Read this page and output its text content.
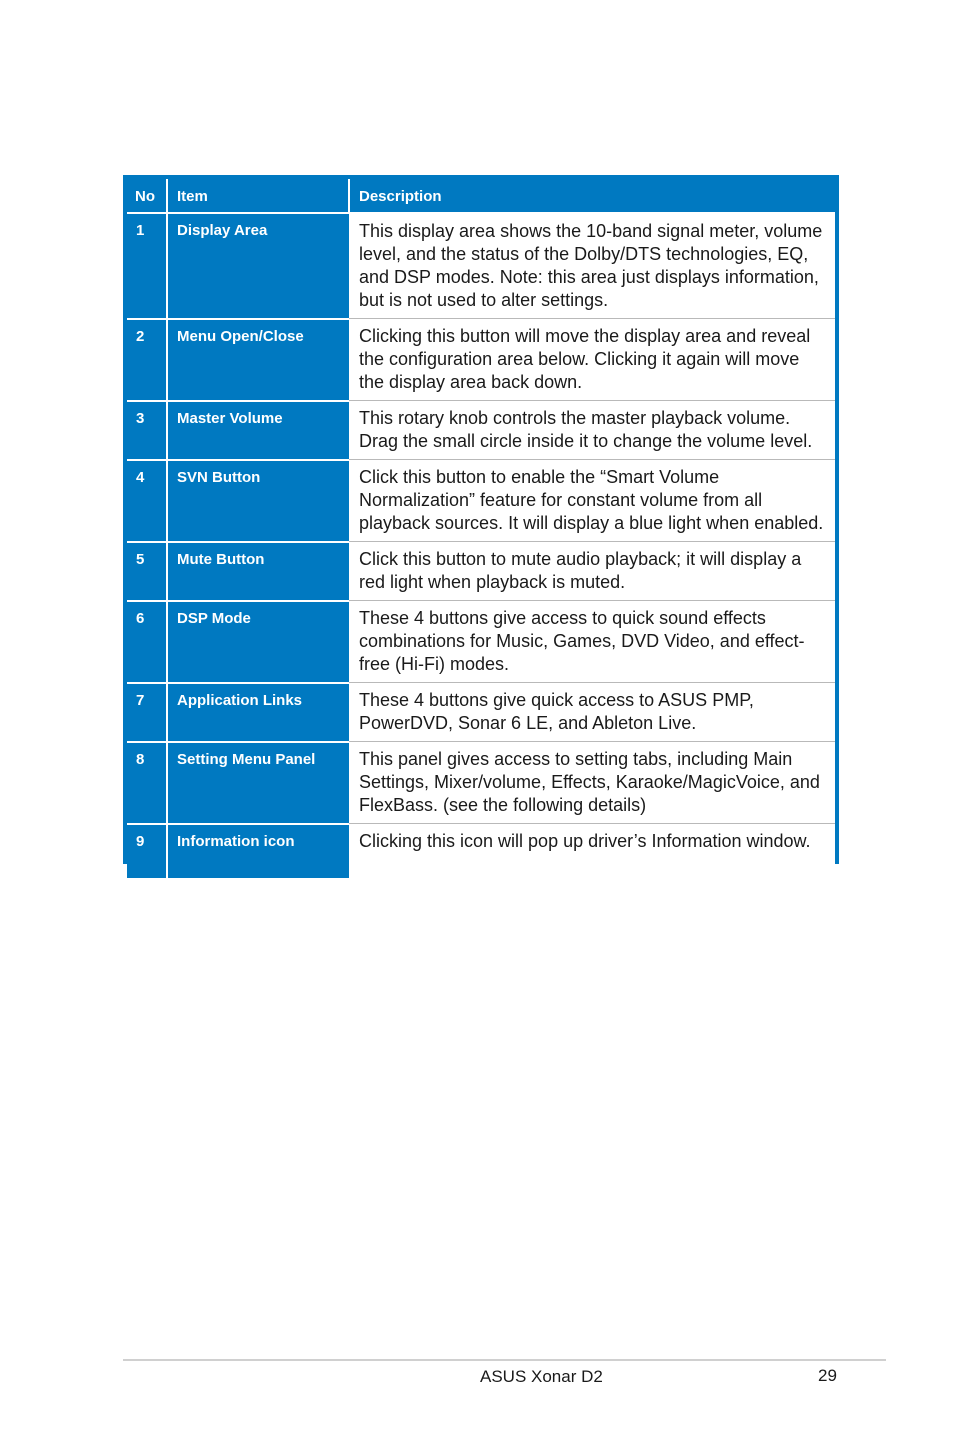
No	Item	Description
1	Display Area	This display area shows the 10-band signal meter, volume level, and the status of the Dolby/DTS technologies, EQ, and DSP modes. Note: this area just displays information, but is not used to alter settings.
2	Menu Open/Close	Clicking this button will move the display area and reveal the configuration area below. Clicking it again will move the display area back down.
3	Master Volume	This rotary knob controls the master playback volume. Drag the small circle inside it to change the volume level.
4	SVN Button	Click this button to enable the “Smart Volume Normalization” feature for constant volume from all playback sources. It will display a blue light when enabled.
5	Mute Button	Click this button to mute audio playback; it will display a red light when playback is muted.
6	DSP Mode	These 4 buttons give access to quick sound effects combinations for Music, Games, DVD Video, and effect-free (Hi-Fi) modes.
7	Application Links	These 4 buttons give quick access to ASUS PMP, PowerDVD, Sonar 6 LE, and Ableton Live.
8	Setting Menu Panel	This panel gives access to setting tabs, including Main Settings, Mixer/volume, Effects, Karaoke/MagicVoice, and FlexBass. (see the following details)
9	Information icon	Clicking this icon will pop up driver’s Information window.
ASUS Xonar D2	29
